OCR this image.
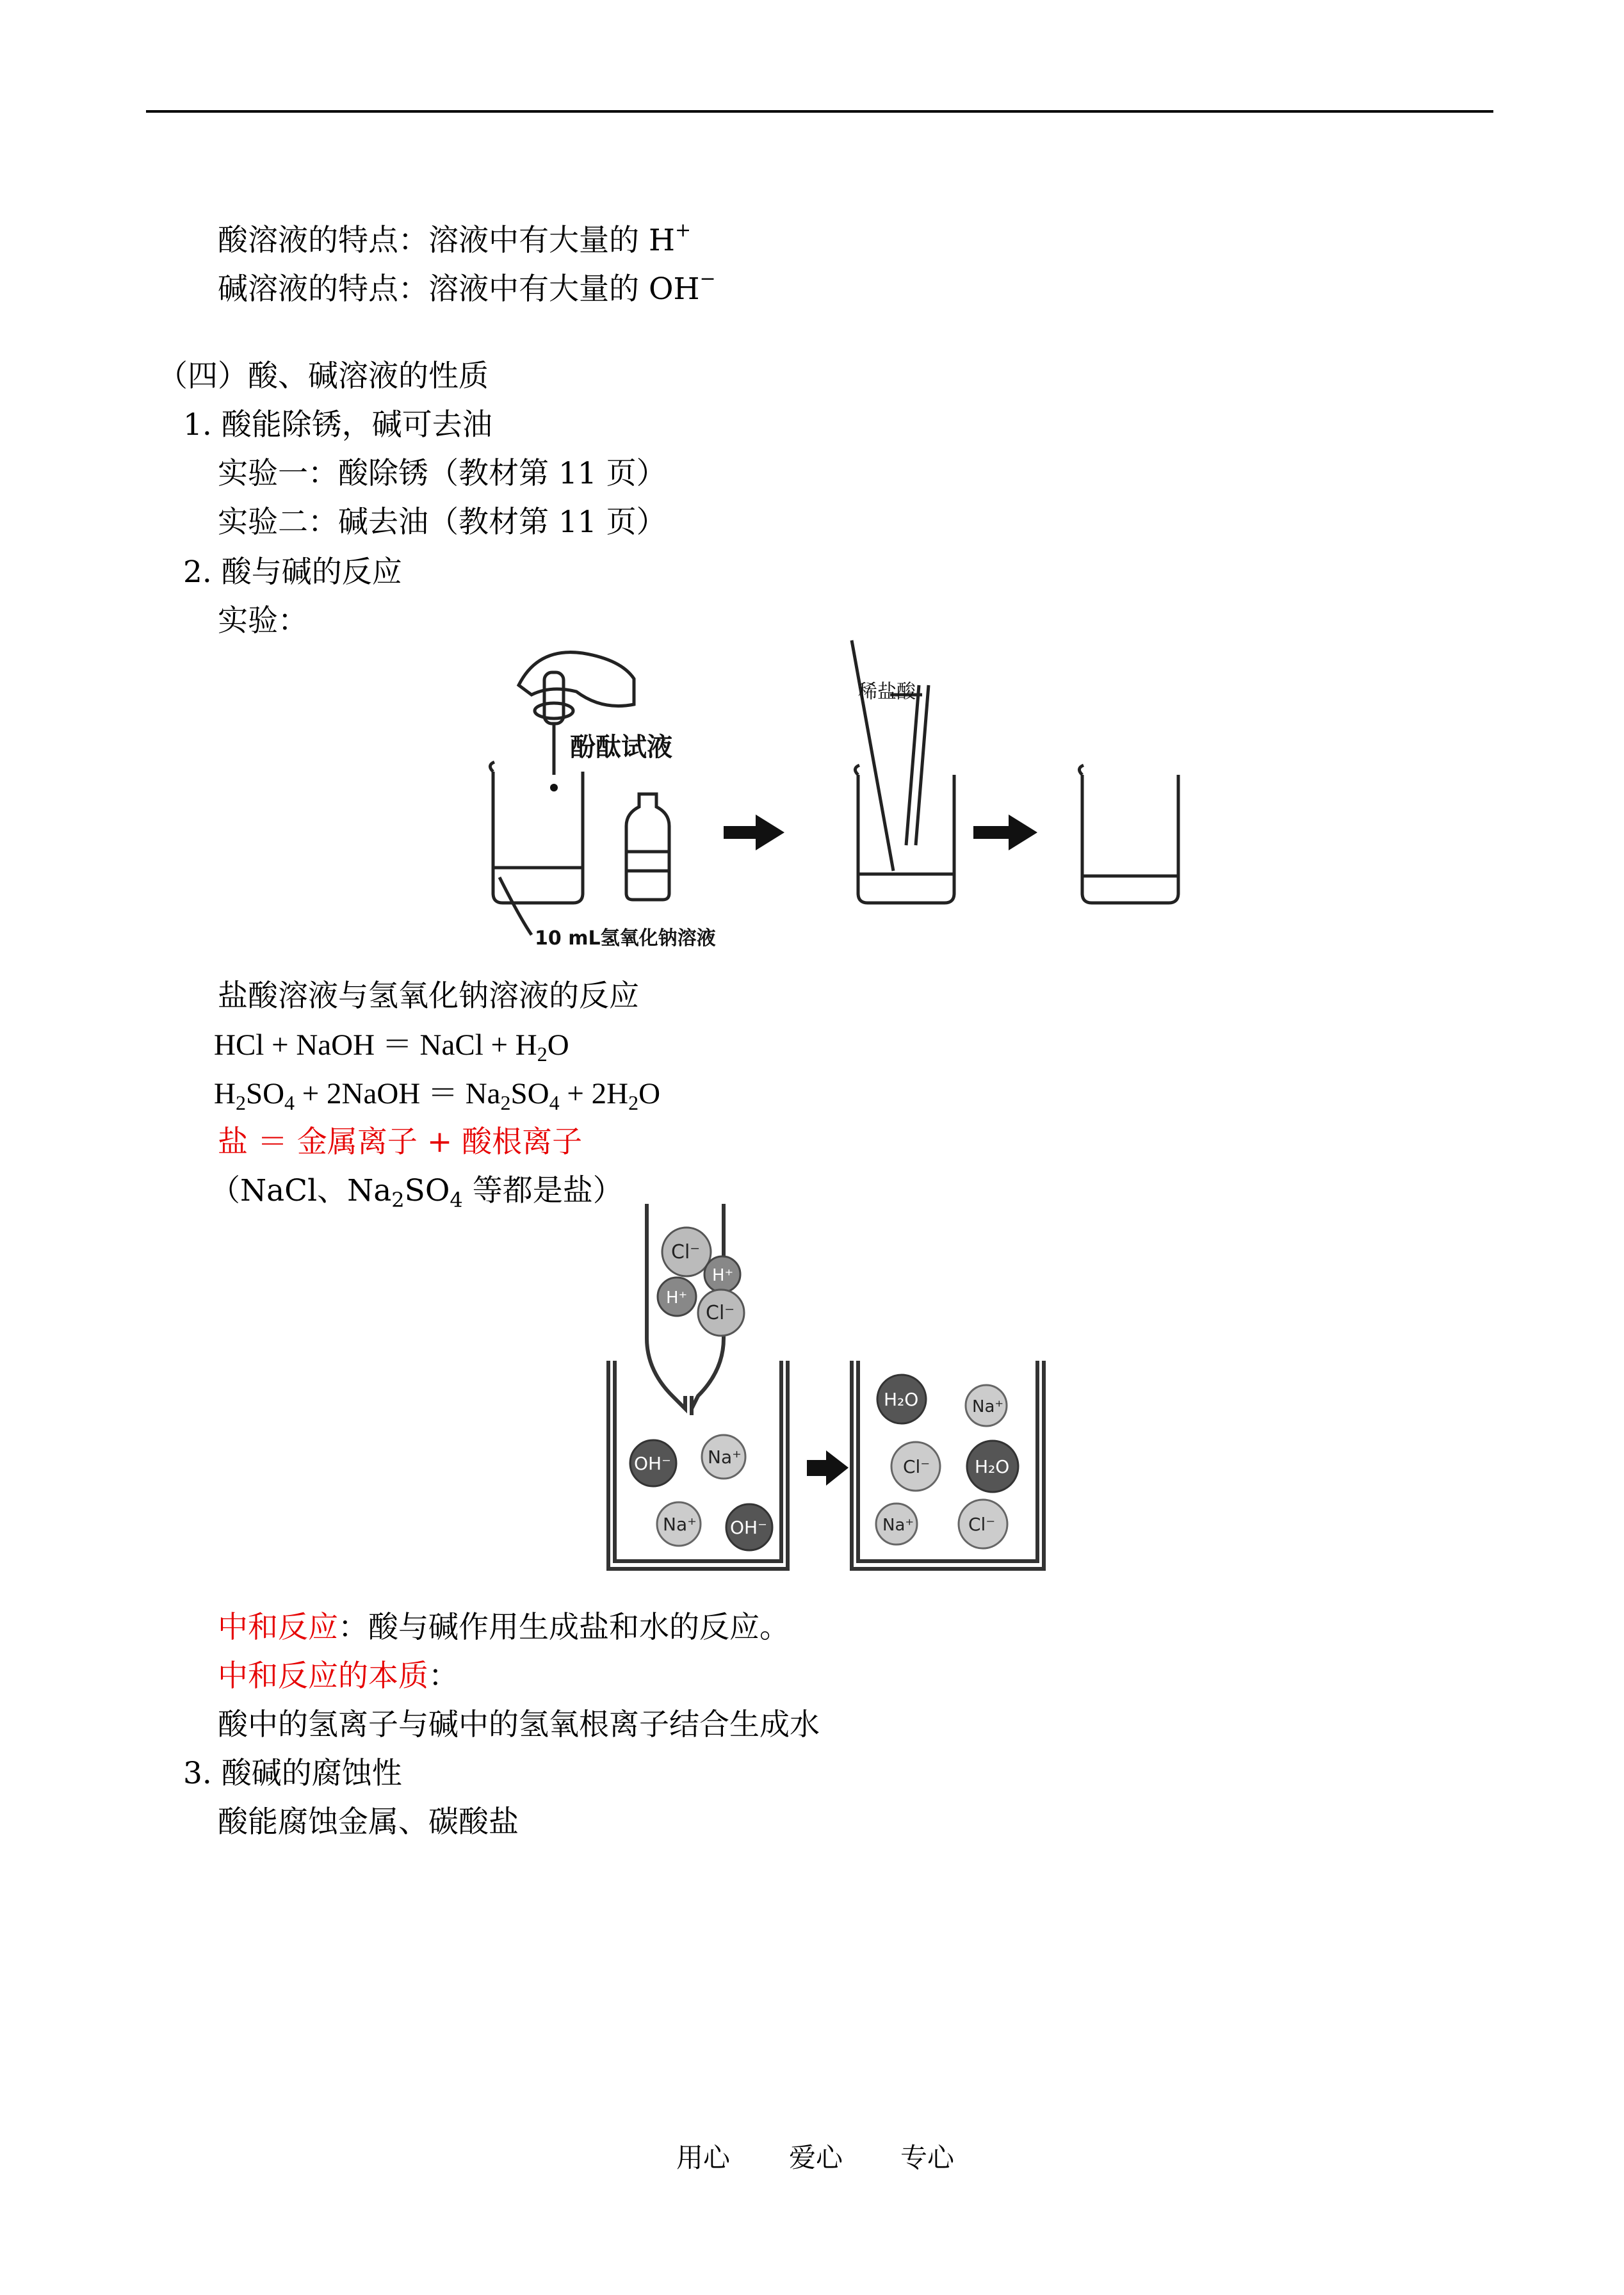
酸溶液的特点：溶液中有大量的 H+
碱溶液的特点：溶液中有大量的 OH−
（四）酸、碱溶液的性质
1. 酸能除锈，碱可去油
实验一：酸除锈（教材第 11 页）
实验二：碱去油（教材第 11 页）
2. 酸与碱的反应
实验：
酚酞试液
稀盐酸
10 mL氢氧化钠溶液
盐酸溶液与氢氧化钠溶液的反应
HCl + NaOH ＝ NaCl + $H_2O$
$H_2SO_4$ + 2NaOH ＝ $Na_2SO_4 + 2H_2O$
盐 ＝ 金属离子 + 酸根离子
（NaCl、$Na_2SO_4$ 等都是盐）
Cl⁻
H⁺
H⁺
Cl⁻
OH⁻ Na⁺
Na⁺ OH⁻
H₂O	Na⁺
Cl⁻ H₂O
Na⁺	Cl⁻
中和反应：酸与碱作用生成盐和水的反应。
中和反应的本质：
酸中的氢离子与碱中的氢氧根离子结合生成水
3. 酸碱的腐蚀性
酸能腐蚀金属、碳酸盐
用心 爱心 专心
